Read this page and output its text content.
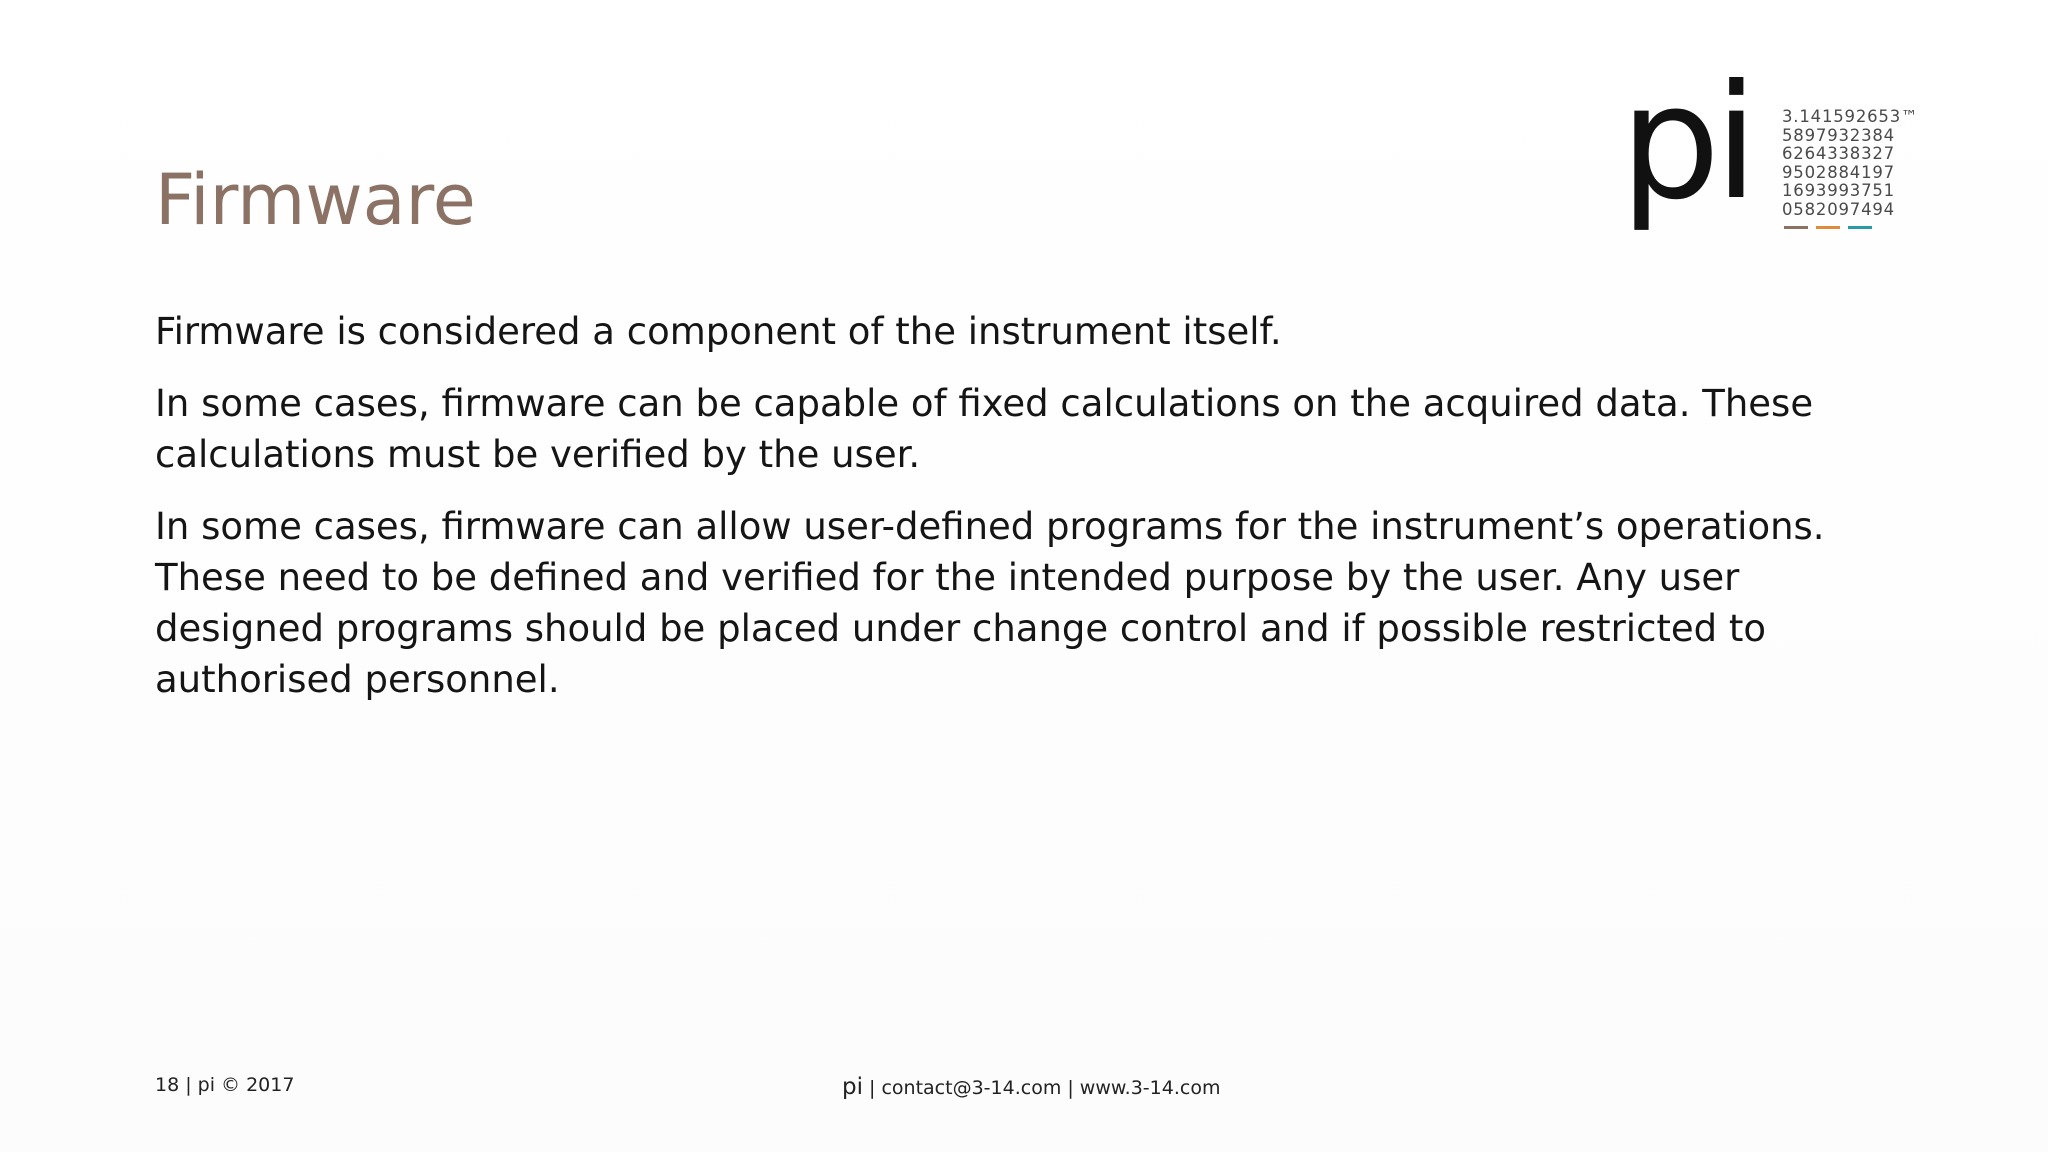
Firmware	pi 3.141592653™
5897932384
6264338327
9502884197
1693993751
0582097494

Firmware is considered a component of the instrument itself.

In some cases, firmware can be capable of fixed calculations on the acquired data. These calculations must be verified by the user.

In some cases, firmware can allow user-defined programs for the instrument’s operations. These need to be defined and verified for the intended purpose by the user. Any user designed programs should be placed under change control and if possible restricted to authorised personnel.

18 | pi © 2017	pi | contact@3-14.com | www.3-14.com
